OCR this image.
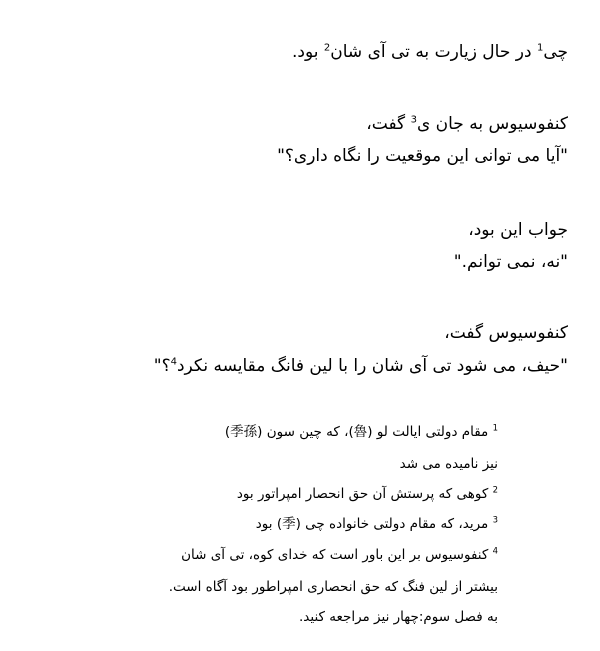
چی$^1$ در حال زیارت به تی آی شان$^2$ بود.
کنفوسیوس به جان ی$^3$ گفت،
"آیا می توانی این موقعیت را نگاه داری؟"
جواب این بود،
"نه، نمی توانم."
کنفوسیوس گفت،
"حیف، می شود تی آی شان را با لین فانگ مقایسه نکرد$^4$؟"
$^1$ مقام دولتی ایالت لو (魯)، که چین سون (季孫)
نیز نامیده می شد
$^2$ کوهی که پرستش آن حق انحصار امپراتور بود
$^3$ مرید، که مقام دولتی خانواده چی (季) بود
$^4$ کنفوسیوس بر این باور است که خدای کوه، تی آی شان
بیشتر از لین فنگ که حق انحصاری امپراطور بود آگاه است.
به فصل سوم:چهار نیز مراجعه کنید.
